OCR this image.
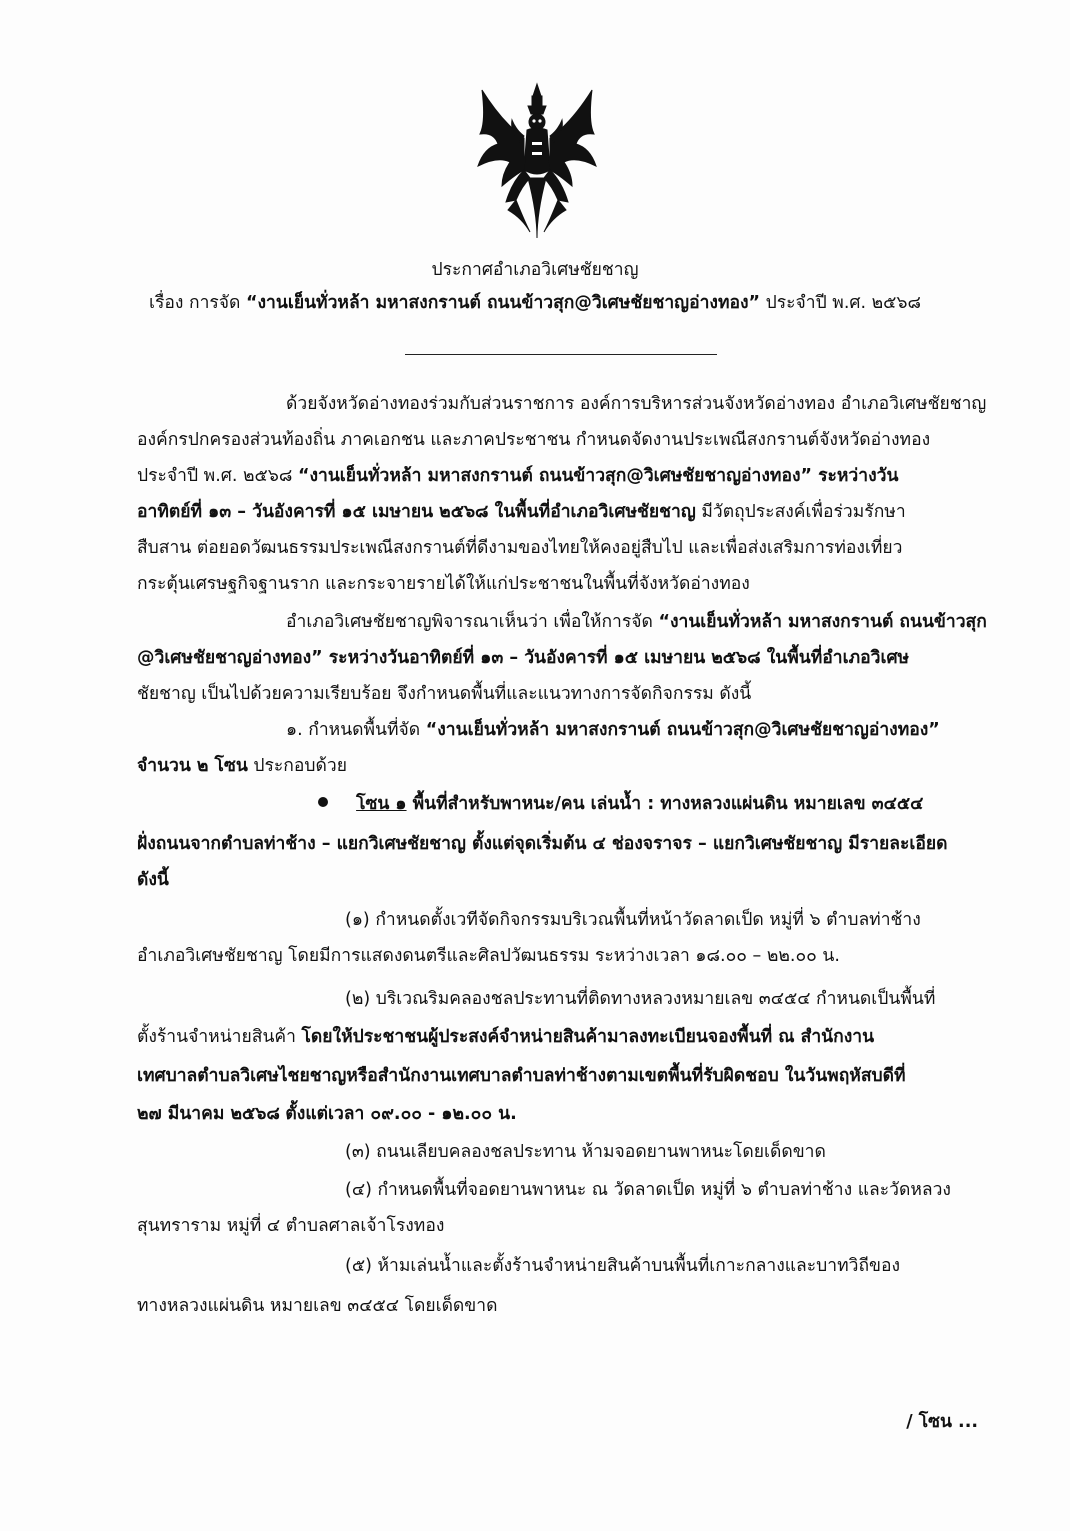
ประกาศอำเภอวิเศษชัยชาญ
เรื่อง การจัด “งานเย็นทั่วหล้า มหาสงกรานต์ ถนนข้าวสุก@วิเศษชัยชาญอ่างทอง” ประจำปี พ.ศ. ๒๕๖๘
ด้วยจังหวัดอ่างทองร่วมกับส่วนราชการ องค์การบริหารส่วนจังหวัดอ่างทอง อำเภอวิเศษชัยชาญ
องค์กรปกครองส่วนท้องถิ่น ภาคเอกชน และภาคประชาชน กำหนดจัดงานประเพณีสงกรานต์จังหวัดอ่างทอง
ประจำปี พ.ศ. ๒๕๖๘ “งานเย็นทั่วหล้า มหาสงกรานต์ ถนนข้าวสุก@วิเศษชัยชาญอ่างทอง” ระหว่างวัน
อาทิตย์ที่ ๑๓ – วันอังคารที่ ๑๕ เมษายน ๒๕๖๘ ในพื้นที่อำเภอวิเศษชัยชาญ มีวัตถุประสงค์เพื่อร่วมรักษา
สืบสาน ต่อยอดวัฒนธรรมประเพณีสงกรานต์ที่ดีงามของไทยให้คงอยู่สืบไป และเพื่อส่งเสริมการท่องเที่ยว
กระตุ้นเศรษฐกิจฐานราก และกระจายรายได้ให้แก่ประชาชนในพื้นที่จังหวัดอ่างทอง
อำเภอวิเศษชัยชาญพิจารณาเห็นว่า เพื่อให้การจัด “งานเย็นทั่วหล้า มหาสงกรานต์ ถนนข้าวสุก
@วิเศษชัยชาญอ่างทอง” ระหว่างวันอาทิตย์ที่ ๑๓ – วันอังคารที่ ๑๕ เมษายน ๒๕๖๘ ในพื้นที่อำเภอวิเศษ
ชัยชาญ เป็นไปด้วยความเรียบร้อย จึงกำหนดพื้นที่และแนวทางการจัดกิจกรรม ดังนี้
๑. กำหนดพื้นที่จัด “งานเย็นทั่วหล้า มหาสงกรานต์ ถนนข้าวสุก@วิเศษชัยชาญอ่างทอง”
จำนวน ๒ โซน ประกอบด้วย
โซน ๑ พื้นที่สำหรับพาหนะ/คน เล่นน้ำ : ทางหลวงแผ่นดิน หมายเลข ๓๔๕๔
ฝั่งถนนจากตำบลท่าช้าง – แยกวิเศษชัยชาญ ตั้งแต่จุดเริ่มต้น ๔ ช่องจราจร – แยกวิเศษชัยชาญ มีรายละเอียด
ดังนี้
(๑) กำหนดตั้งเวทีจัดกิจกรรมบริเวณพื้นที่หน้าวัดลาดเป็ด หมู่ที่ ๖ ตำบลท่าช้าง
อำเภอวิเศษชัยชาญ โดยมีการแสดงดนตรีและศิลปวัฒนธรรม ระหว่างเวลา ๑๘.๐๐ – ๒๒.๐๐ น.
(๒) บริเวณริมคลองชลประทานที่ติดทางหลวงหมายเลข ๓๔๕๔ กำหนดเป็นพื้นที่
ตั้งร้านจำหน่ายสินค้า โดยให้ประชาชนผู้ประสงค์จำหน่ายสินค้ามาลงทะเบียนจองพื้นที่ ณ สำนักงาน
เทศบาลตำบลวิเศษไชยชาญหรือสำนักงานเทศบาลตำบลท่าช้างตามเขตพื้นที่รับผิดชอบ ในวันพฤหัสบดีที่
๒๗ มีนาคม ๒๕๖๘ ตั้งแต่เวลา ๐๙.๐๐ - ๑๒.๐๐ น.
(๓) ถนนเลียบคลองชลประทาน ห้ามจอดยานพาหนะโดยเด็ดขาด
(๔) กำหนดพื้นที่จอดยานพาหนะ ณ วัดลาดเป็ด หมู่ที่ ๖ ตำบลท่าช้าง และวัดหลวง
สุนทราราม หมู่ที่ ๔ ตำบลศาลเจ้าโรงทอง
(๕) ห้ามเล่นน้ำและตั้งร้านจำหน่ายสินค้าบนพื้นที่เกาะกลางและบาทวิถีของ
ทางหลวงแผ่นดิน หมายเลข ๓๔๕๔ โดยเด็ดขาด
/ โซน ...
